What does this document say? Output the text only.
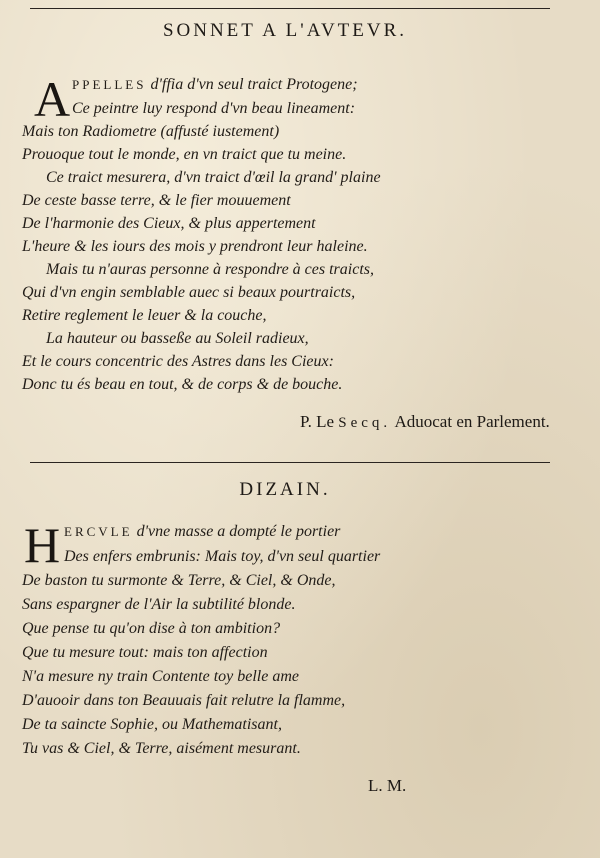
SONNET A L'AVTEVR.
A PPELLES d'ffia d'vn seul traict Protogene;
Ce peintre luy respond d'vn beau lineament:
Mais ton Radiometre (affusté iustement)
Prouoque tout le monde, en vn traict que tu meine.
Ce traict mesurera, d'vn traict d'œil la grand' plaine
De ceste basse terre, & le fier mouuement
De l'harmonie des Cieux, & plus appertement
L'heure & les iours des mois y prendront leur haleine.
Mais tu n'auras personne à respondre à ces traicts,
Qui d'vn engin semblable auec si beaux pourtraicts,
Retire reglement le leuer & la couche,
La hauteur ou basseße au Soleil radieux,
Et le cours concentric des Astres dans les Cieux:
Donc tu és beau en tout, & de corps & de bouche.
P. Le Secq. Aduocat en Parlement.
DIZAIN.
H ERCVLE d'vne masse a dompté le portier
Des enfers embrunis: Mais toy, d'vn seul quartier
De baston tu surmonte & Terre, & Ciel, & Onde,
Sans espargner de l'Air la subtilité blonde.
Que pense tu qu'on dise à ton ambition?
Que tu mesure tout: mais ton affection
N'a mesure ny train Contente toy belle ame
D'auooir dans ton Beauuais fait relutre la flamme,
De ta saincte Sophie, ou Mathematisant,
Tu vas & Ciel, & Terre, aisément mesurant.
L. M.
